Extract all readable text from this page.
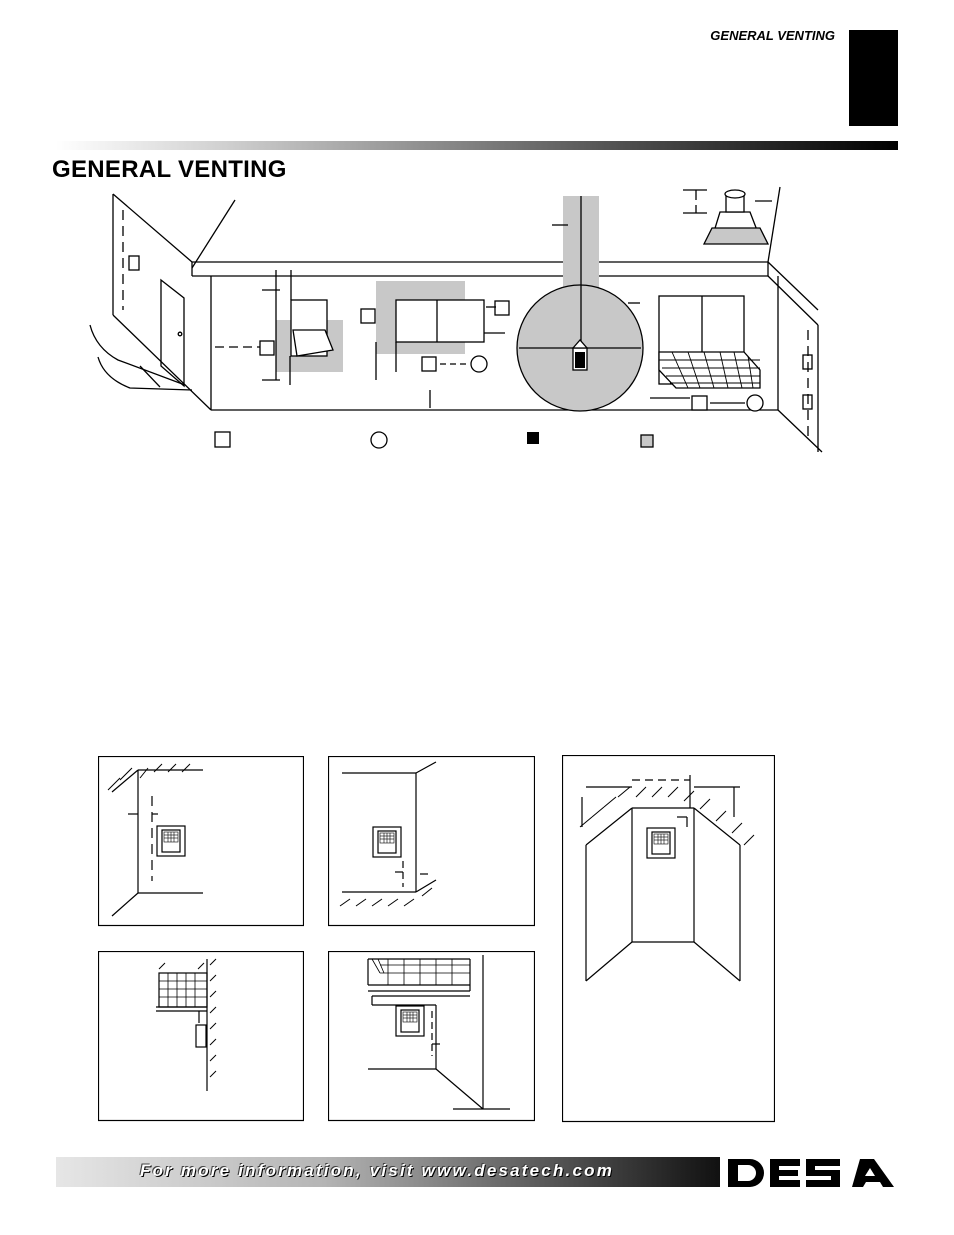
GENERAL VENTING
GENERAL VENTING
For more information, visit www.desatech.com
